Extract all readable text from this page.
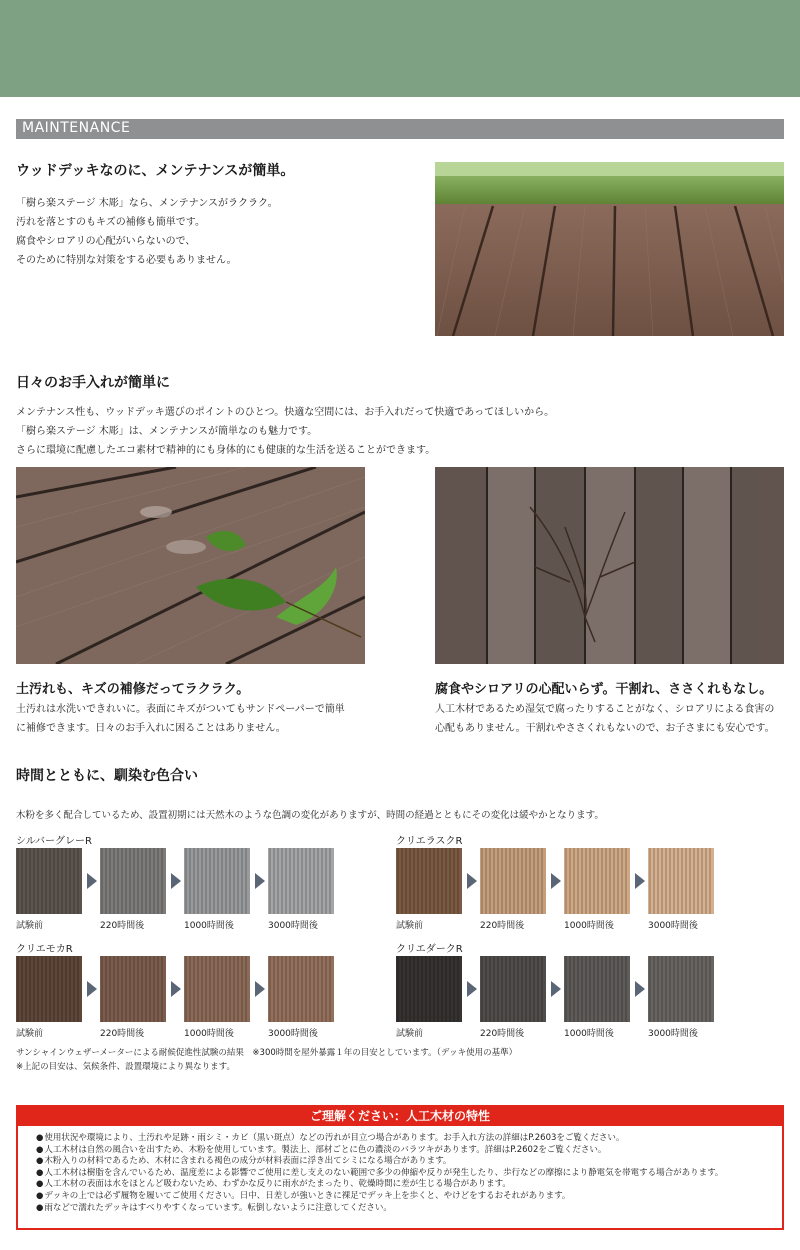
MAINTENANCE
ウッドデッキなのに、メンテナンスが簡単。
「樹ら楽ステージ 木彫」なら、メンテナンスがラクラク。
汚れを落とすのもキズの補修も簡単です。
腐食やシロアリの心配がいらないので、
そのために特別な対策をする必要もありません。
日々のお手入れが簡単に
メンテナンス性も、ウッドデッキ選びのポイントのひとつ。快適な空間には、お手入れだって快適であってほしいから。
「樹ら楽ステージ 木彫」は、メンテナンスが簡単なのも魅力です。
さらに環境に配慮したエコ素材で精神的にも身体的にも健康的な生活を送ることができます。
土汚れも、キズの補修だってラクラク。
土汚れは水洗いできれいに。表面にキズがついてもサンドペーパーで簡単
に補修できます。日々のお手入れに困ることはありません。
腐食やシロアリの心配いらず。干割れ、ささくれもなし。
人工木材であるため湿気で腐ったりすることがなく、シロアリによる食害の
心配もありません。干割れやささくれもないので、お子さまにも安心です。
時間とともに、馴染む色合い
木粉を多く配合しているため、設置初期には天然木のような色調の変化がありますが、時間の経過とともにその変化は緩やかとなります。
シルバーグレーR
試験前	220時間後	1000時間後	3000時間後
クリエラスクR
試験前	220時間後	1000時間後	3000時間後
クリエモカR
試験前	220時間後	1000時間後	3000時間後
クリエダークR
試験前	220時間後	1000時間後	3000時間後
サンシャインウェザーメーターによる耐候促進性試験の結果　※300時間を屋外暴露１年の目安としています。（デッキ使用の基準）
※上記の目安は、気候条件、設置環境により異なります。
ご理解ください：人工木材の特性
● 使用状況や環境により、土汚れや足跡・雨シミ・カビ（黒い斑点）などの汚れが目立つ場合があります。お手入れ方法の詳細はP.2603をご覧ください。
● 人工木材は自然の風合いを出すため、木粉を使用しています。製法上、部材ごとに色の濃淡のバラツキがあります。詳細はP.2602をご覧ください。
● 木粉入りの材料であるため、木材に含まれる褐色の成分が材料表面に浮き出てシミになる場合があります。
● 人工木材は樹脂を含んでいるため、温度差による影響でご使用に差し支えのない範囲で多少の伸縮や反りが発生したり、歩行などの摩擦により静電気を帯電する場合があります。
● 人工木材の表面は水をほとんど吸わないため、わずかな反りに雨水がたまったり、乾燥時間に差が生じる場合があります。
● デッキの上では必ず履物を履いてご使用ください。日中、日差しが強いときに裸足でデッキ上を歩くと、やけどをするおそれがあります。
● 雨などで濡れたデッキはすべりやすくなっています。転倒しないように注意してください。
